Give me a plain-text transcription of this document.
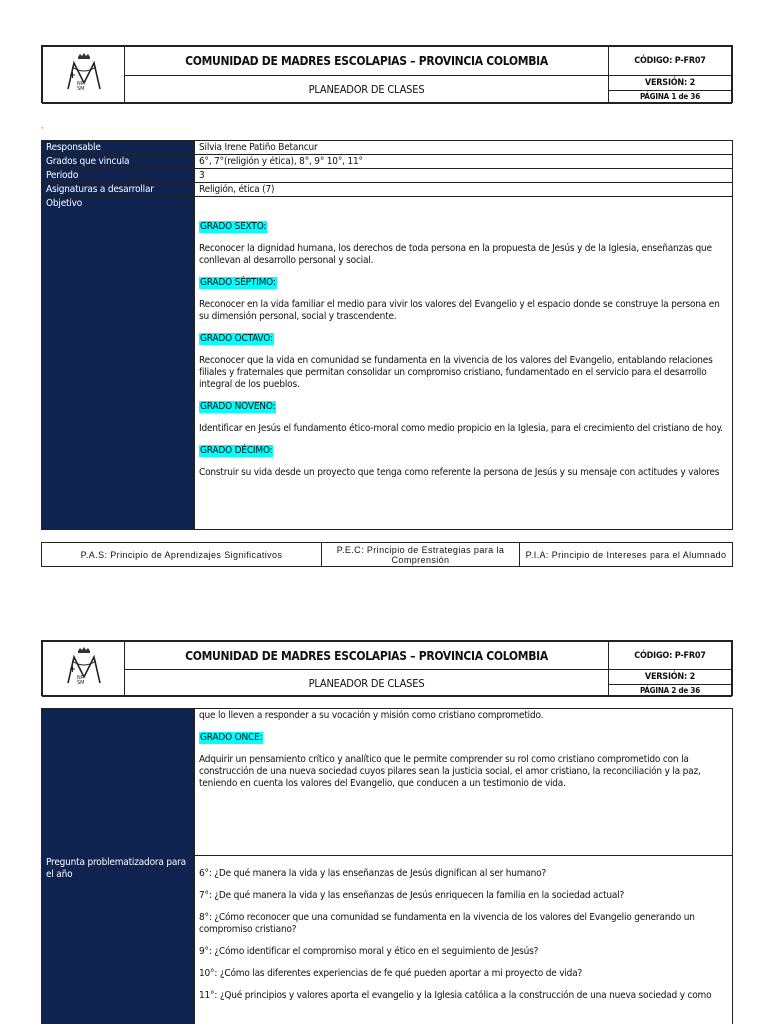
NP
SM	COMUNIDAD DE MADRES ESCOLAPIAS – PROVINCIA COLOMBIA	CÓDIGO: P-FR07
	PLANEADOR DE CLASES	VERSIÓN: 2
PÁGINA 1 de 36
,
Responsable	Silvia Irene Patiño Betancur
Grados que vincula	6°, 7°(religión y ética), 8°, 9° 10°, 11°
Periodo	3
Asignaturas a desarrollar	Religión, ética (7)
Objetivo

GRADO SEXTO:

Reconocer la dignidad humana, los derechos de toda persona en la propuesta de Jesús y de la Iglesia, enseñanzas que conllevan al desarrollo personal y social.

GRADO SÉPTIMO:

Reconocer en la vida familiar el medio para vivir los valores del Evangelio y el espacio donde se construye la persona en su dimensión personal, social y trascendente.

GRADO OCTAVO:

Reconocer que la vida en comunidad se fundamenta en la vivencia de los valores del Evangelio, entablando relaciones filiales y fraternales que permitan consolidar un compromiso cristiano, fundamentado en el servicio para el desarrollo integral de los pueblos.

GRADO NOVENO:

Identificar en Jesús el fundamento ético-moral como medio propicio en la Iglesia, para el crecimiento del cristiano de hoy.

GRADO DÉCIMO:

Construir su vida desde un proyecto que tenga como referente la persona de Jesús y su mensaje con actitudes y valores

P.A.S: Principio de Aprendizajes Significativos	P.E.C: Principio de Estrategias para la Comprensión	P.I.A: Principio de Intereses para el Alumnado
NP
SM	COMUNIDAD DE MADRES ESCOLAPIAS – PROVINCIA COLOMBIA	CÓDIGO: P-FR07
	PLANEADOR DE CLASES	VERSIÓN: 2
PÁGINA 2 de 36

que lo lleven a responder a su vocación y misión como cristiano comprometido.

GRADO ONCE:

Adquirir un pensamiento crítico y analítico que le permite comprender su rol como cristiano comprometido con la construcción de una nueva sociedad cuyos pilares sean la justicia social, el amor cristiano, la reconciliación y la paz, teniendo en cuenta los valores del Evangelio, que conducen a un testimonio de vida.

Pregunta problematizadora para el año	6°: ¿De qué manera la vida y las enseñanzas de Jesús dignifican al ser humano?

7°: ¿De qué manera la vida y las enseñanzas de Jesús enriquecen la familia en la sociedad actual?

8°: ¿Cómo reconocer que una comunidad se fundamenta en la vivencia de los valores del Evangelio generando un compromiso cristiano?

9°: ¿Cómo identificar el compromiso moral y ético en el seguimiento de Jesús?

10°: ¿Cómo las diferentes experiencias de fe qué pueden aportar a mi proyecto de vida?

11°: ¿Qué principios y valores aporta el evangelio y la Iglesia católica a la construcción de una nueva sociedad y como
